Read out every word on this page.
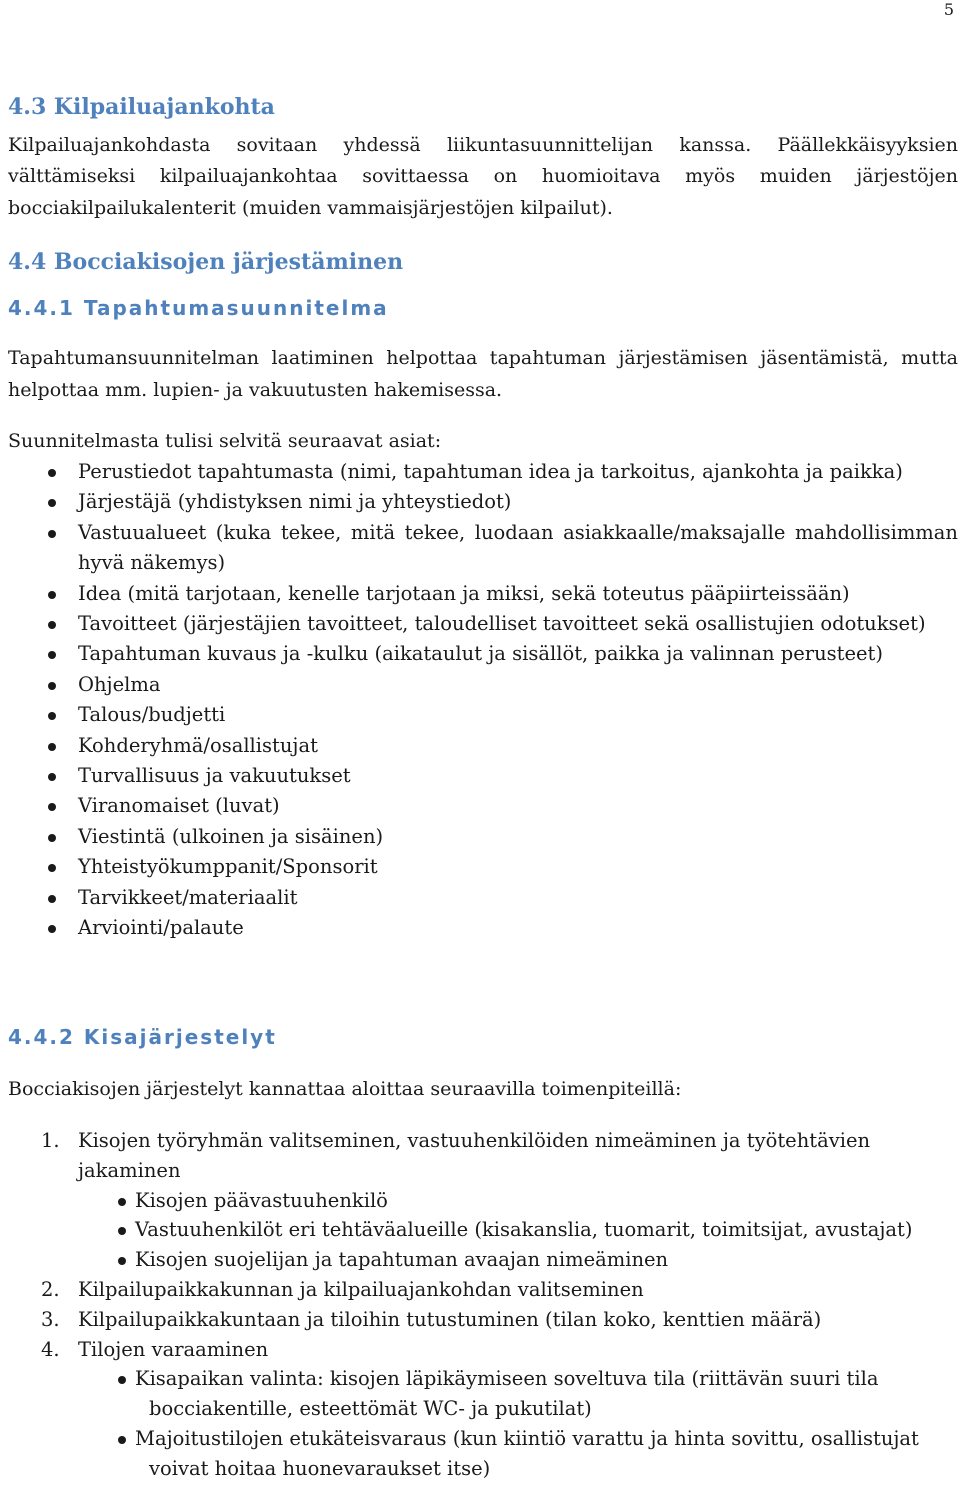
5
4.3 Kilpailuajankohta
Kilpailuajankohdasta sovitaan yhdessä liikuntasuunnittelijan kanssa. Päällekkäisyyksien
välttämiseksi kilpailuajankohtaa sovittaessa on huomioitava myös muiden järjestöjen
bocciakilpailukalenterit (muiden vammaisjärjestöjen kilpailut).
4.4 Bocciakisojen järjestäminen
4.4.1 Tapahtumasuunnitelma
Tapahtumansuunnitelman laatiminen helpottaa tapahtuman järjestämisen jäsentämistä, mutta
helpottaa mm. lupien- ja vakuutusten hakemisessa.
Suunnitelmasta tulisi selvitä seuraavat asiat:
Perustiedot tapahtumasta (nimi, tapahtuman idea ja tarkoitus, ajankohta ja paikka)
Järjestäjä (yhdistyksen nimi ja yhteystiedot)
Vastuualueet (kuka tekee, mitä tekee, luodaan asiakkaalle/maksajalle mahdollisimman hyvä näkemys)
Idea (mitä tarjotaan, kenelle tarjotaan ja miksi, sekä toteutus pääpiirteissään)
Tavoitteet (järjestäjien tavoitteet, taloudelliset tavoitteet sekä osallistujien odotukset)
Tapahtuman kuvaus ja -kulku (aikataulut ja sisällöt, paikka ja valinnan perusteet)
Ohjelma
Talous/budjetti
Kohderyhmä/osallistujat
Turvallisuus ja vakuutukset
Viranomaiset (luvat)
Viestintä (ulkoinen ja sisäinen)
Yhteistyökumppanit/Sponsorit
Tarvikkeet/materiaalit
Arviointi/palaute
4.4.2 Kisajärjestelyt
Bocciakisojen järjestelyt kannattaa aloittaa seuraavilla toimenpiteillä:
1. Kisojen työryhmän valitseminen, vastuuhenkilöiden nimeäminen ja työtehtävien jakaminen
Kisojen päävastuuhenkilö
Vastuuhenkilöt eri tehtäväalueille (kisakanslia, tuomarit, toimitsijat, avustajat)
Kisojen suojelijan ja tapahtuman avaajan nimeäminen
2. Kilpailupaikkakunnan ja kilpailuajankohdan valitseminen
3. Kilpailupaikkakuntaan ja tiloihin tutustuminen (tilan koko, kenttien määrä)
4. Tilojen varaaminen
Kisapaikan valinta: kisojen läpikäymiseen soveltuva tila (riittävän suuri tila bocciakentille, esteettömät WC- ja pukutilat)
Majoitustilojen etukäteisvaraus (kun kiintiö varattu ja hinta sovittu, osallistujat voivat hoitaa huonevaraukset itse)
